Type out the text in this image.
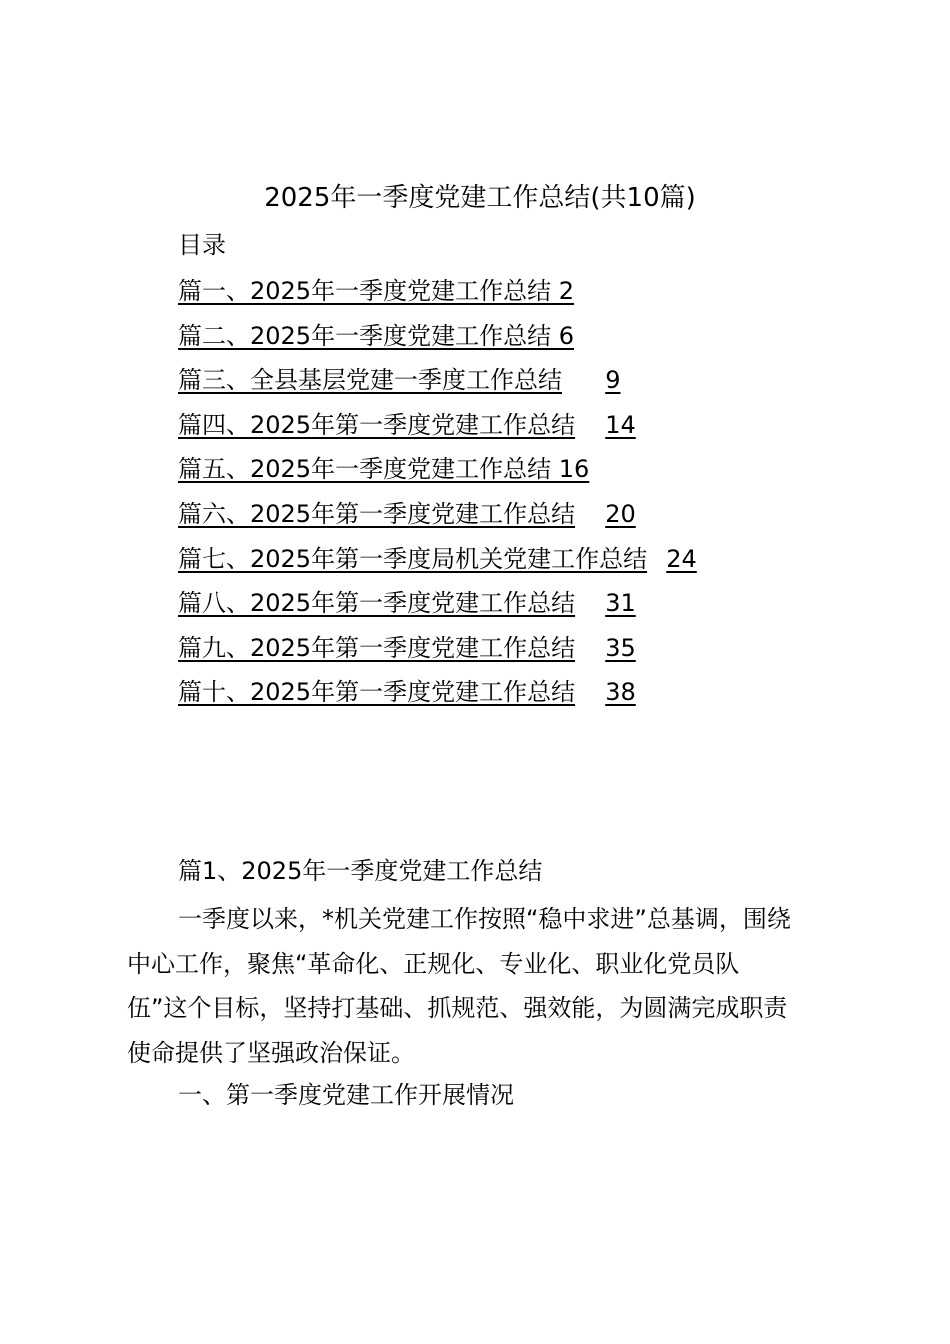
2025年一季度党建工作总结(共10篇)
目录
篇一、2025年一季度党建工作总结 2
篇二、2025年一季度党建工作总结 6
篇三、全县基层党建一季度工作总结	9
篇四、2025年第一季度党建工作总结	14
篇五、2025年一季度党建工作总结 16
篇六、2025年第一季度党建工作总结	20
篇七、2025年第一季度局机关党建工作总结	24
篇八、2025年第一季度党建工作总结	31
篇九、2025年第一季度党建工作总结	35
篇十、2025年第一季度党建工作总结	38
篇1、2025年一季度党建工作总结

一季度以来，*机关党建工作按照“稳中求进”总基调，围绕
中心工作，聚焦“革命化、正规化、专业化、职业化党员队
伍”这个目标，坚持打基础、抓规范、强效能，为圆满完成职责
使命提供了坚强政治保证。

一、第一季度党建工作开展情况
